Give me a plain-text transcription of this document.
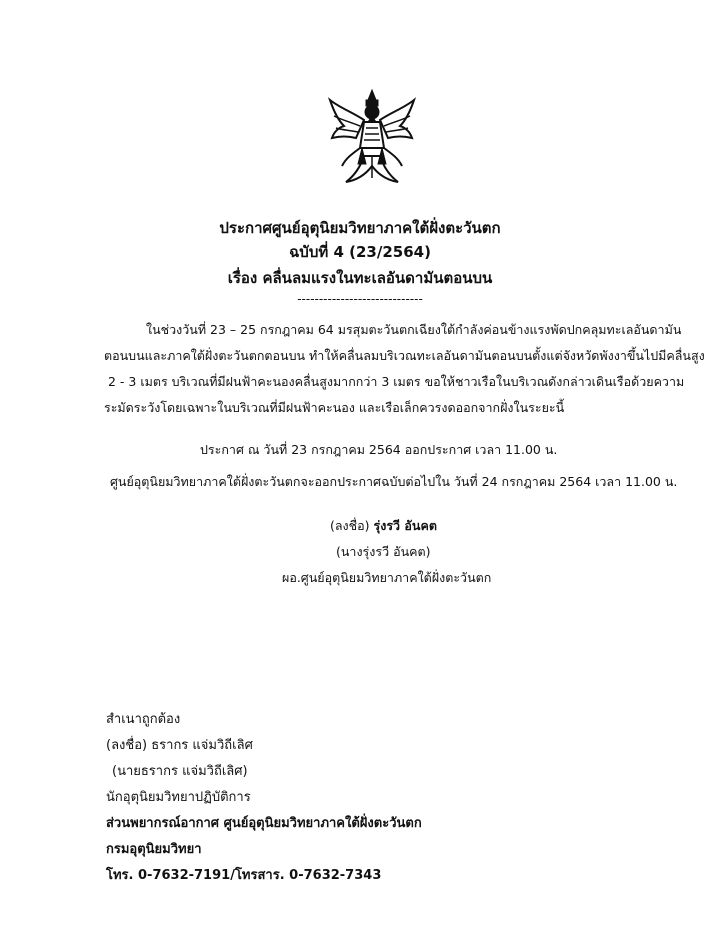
ประกาศศูนย์อุตุนิยมวิทยาภาคใต้ฝั่งตะวันตก
ฉบับที่ 4 (23/2564)
เรื่อง คลื่นลมแรงในทะเลอันดามันตอนบน
-----------------------------
ในช่วงวันที่ 23 – 25 กรกฎาคม 64 มรสุมตะวันตกเฉียงใต้กำลังค่อนข้างแรงพัดปกคลุมทะเลอันดามัน
ตอนบนและภาคใต้ฝั่งตะวันตกตอนบน ทำให้คลื่นลมบริเวณทะเลอันดามันตอนบนตั้งแต่จังหวัดพังงาขึ้นไปมีคลื่นสูง
2 - 3 เมตร บริเวณที่มีฝนฟ้าคะนองคลื่นสูงมากกว่า 3 เมตร ขอให้ชาวเรือในบริเวณดังกล่าวเดินเรือด้วยความ
ระมัดระวังโดยเฉพาะในบริเวณที่มีฝนฟ้าคะนอง และเรือเล็กควรงดออกจากฝั่งในระยะนี้
ประกาศ ณ วันที่ 23 กรกฎาคม 2564 ออกประกาศ เวลา 11.00 น.
ศูนย์อุตุนิยมวิทยาภาคใต้ฝั่งตะวันตกจะออกประกาศฉบับต่อไปใน วันที่ 24 กรกฎาคม 2564 เวลา 11.00 น.
(ลงชื่อ) รุ่งรวี อันคต
(นางรุ่งรวี อันคต)
ผอ.ศูนย์อุตุนิยมวิทยาภาคใต้ฝั่งตะวันตก
สำเนาถูกต้อง
(ลงชื่อ) ธรากร แจ่มวิถีเลิศ
(นายธรากร แจ่มวิถีเลิศ)
นักอุตุนิยมวิทยาปฏิบัติการ
ส่วนพยากรณ์อากาศ ศูนย์อุตุนิยมวิทยาภาคใต้ฝั่งตะวันตก
กรมอุตุนิยมวิทยา
โทร. 0-7632-7191/โทรสาร. 0-7632-7343
